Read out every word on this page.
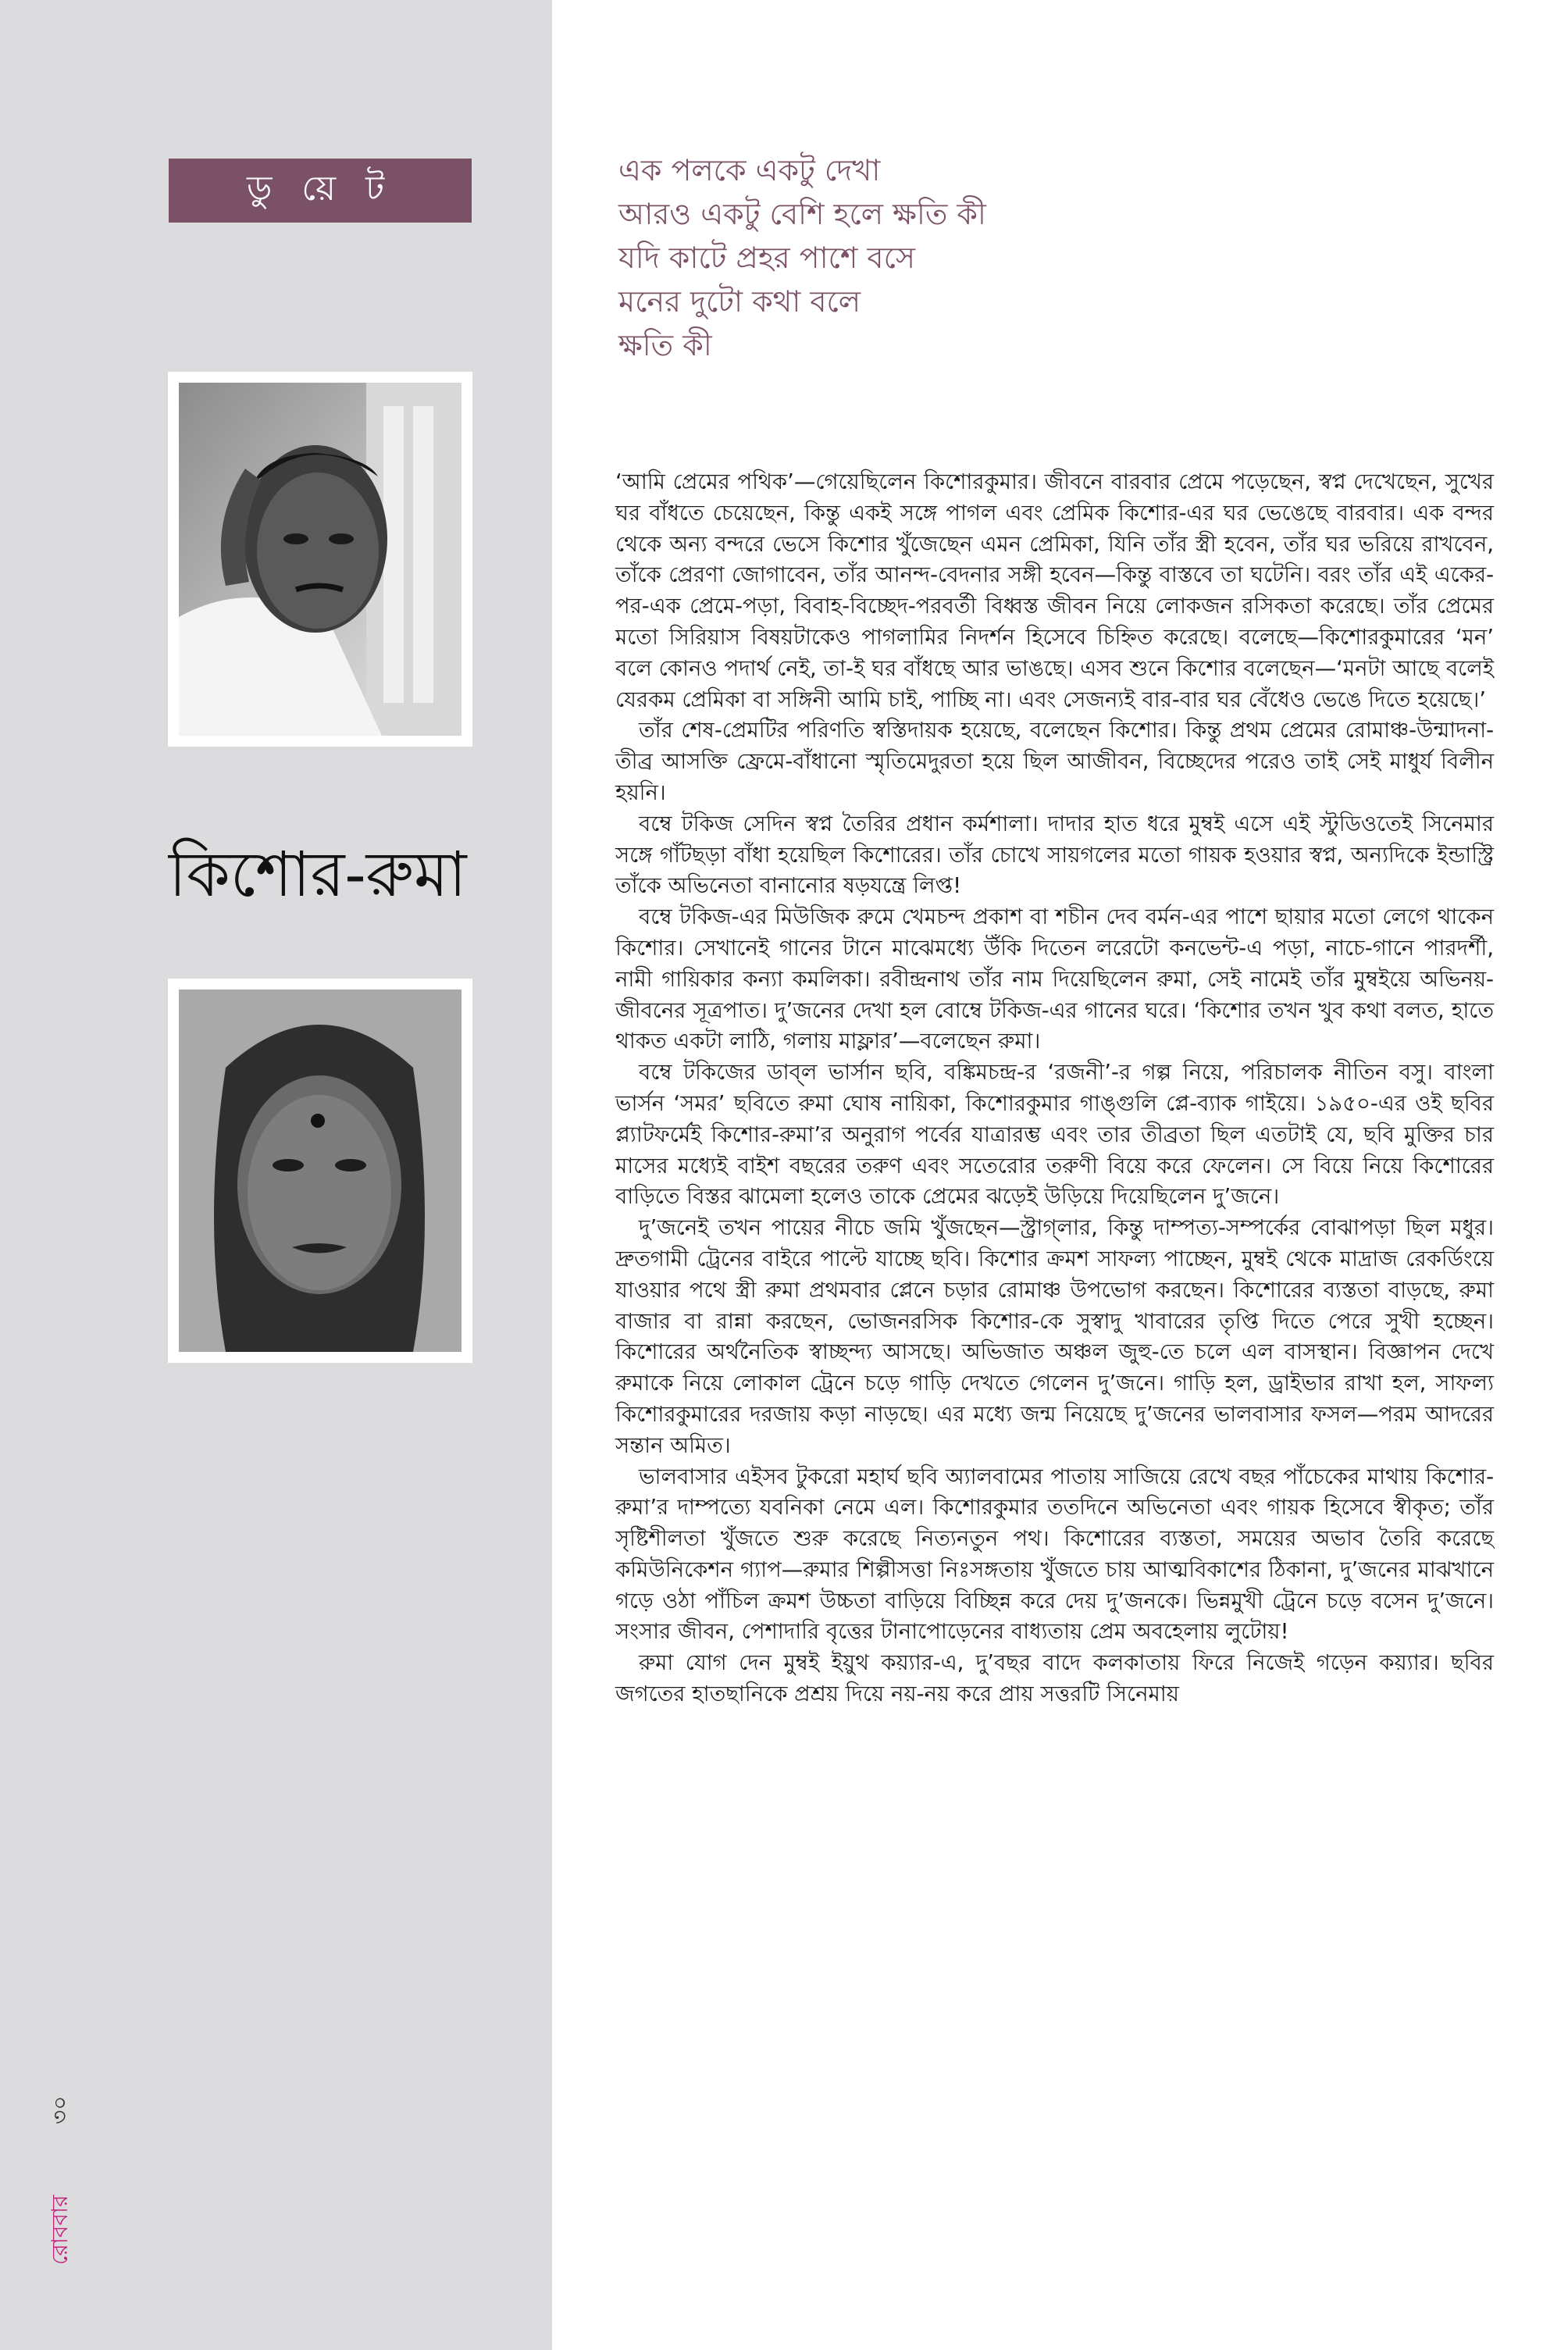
ডু য়ে ট
কিশোর-রুমা
রোববার
৩০
এক পলকে একটু দেখা
আরও একটু বেশি হলে ক্ষতি কী
যদি কাটে প্রহর পাশে বসে
মনের দুটো কথা বলে
ক্ষতি কী

‘আমি প্রেমের পথিক’—গেয়েছিলেন কিশোরকুমার। জীবনে বারবার প্রেমে পড়েছেন, স্বপ্ন দেখেছেন, সুখের ঘর বাঁধতে চেয়েছেন, কিন্তু একই সঙ্গে পাগল এবং প্রেমিক কিশোর-এর ঘর ভেঙেছে বারবার। এক বন্দর থেকে অন্য বন্দরে ভেসে কিশোর খুঁজেছেন এমন প্রেমিকা, যিনি তাঁর স্ত্রী হবেন, তাঁর ঘর ভরিয়ে রাখবেন, তাঁকে প্রেরণা জোগাবেন, তাঁর আনন্দ-বেদনার সঙ্গী হবেন—কিন্তু বাস্তবে তা ঘটেনি। বরং তাঁর এই একের-পর-এক প্রেমে-পড়া, বিবাহ-বিচ্ছেদ-পরবর্তী বিধ্বস্ত জীবন নিয়ে লোকজন রসিকতা করেছে। তাঁর প্রেমের মতো সিরিয়াস বিষয়টাকেও পাগলামির নিদর্শন হিসেবে চিহ্নিত করেছে। বলেছে—কিশোরকুমারের ‘মন’ বলে কোনও পদার্থ নেই, তা-ই ঘর বাঁধছে আর ভাঙছে। এসব শুনে কিশোর বলেছেন—‘মনটা আছে বলেই যেরকম প্রেমিকা বা সঙ্গিনী আমি চাই, পাচ্ছি না। এবং সেজন্যই বার-বার ঘর বেঁধেও ভেঙে দিতে হয়েছে।’

তাঁর শেষ-প্রেমটির পরিণতি স্বস্তিদায়ক হয়েছে, বলেছেন কিশোর। কিন্তু প্রথম প্রেমের রোমাঞ্চ-উন্মাদনা-তীব্র আসক্তি ফ্রেমে-বাঁধানো স্মৃতিমেদুরতা হয়ে ছিল আজীবন, বিচ্ছেদের পরেও তাই সেই মাধুর্য বিলীন হয়নি।

বম্বে টকিজ সেদিন স্বপ্ন তৈরির প্রধান কর্মশালা। দাদার হাত ধরে মুম্বই এসে এই স্টুডিওতেই সিনেমার সঙ্গে গাঁটছড়া বাঁধা হয়েছিল কিশোরের। তাঁর চোখে সায়গলের মতো গায়ক হওয়ার স্বপ্ন, অন্যদিকে ইন্ডাস্ট্রি তাঁকে অভিনেতা বানানোর ষড়যন্ত্রে লিপ্ত!

বম্বে টকিজ-এর মিউজিক রুমে খেমচন্দ প্রকাশ বা শচীন দেব বর্মন-এর পাশে ছায়ার মতো লেগে থাকেন কিশোর। সেখানেই গানের টানে মাঝেমধ্যে উঁকি দিতেন লরেটো কনভেন্ট-এ পড়া, নাচে-গানে পারদর্শী, নামী গায়িকার কন্যা কমলিকা। রবীন্দ্রনাথ তাঁর নাম দিয়েছিলেন রুমা, সেই নামেই তাঁর মুম্বইয়ে অভিনয়-জীবনের সূত্রপাত। দু’জনের দেখা হল বোম্বে টকিজ-এর গানের ঘরে। ‘কিশোর তখন খুব কথা বলত, হাতে থাকত একটা লাঠি, গলায় মাফ্লার’—বলেছেন রুমা।

বম্বে টকিজের ডাব্‌ল ভার্সান ছবি, বঙ্কিমচন্দ্র-র ‘রজনী’-র গল্প নিয়ে, পরিচালক নীতিন বসু। বাংলা ভার্সন ‘সমর’ ছবিতে রুমা ঘোষ নায়িকা, কিশোরকুমার গাঙ্গুলি প্লে-ব্যাক গাইয়ে। ১৯৫০-এর ওই ছবির প্ল্যাটফর্মেই কিশোর-রুমা’র অনুরাগ পর্বের যাত্রারম্ভ এবং তার তীব্রতা ছিল এতটাই যে, ছবি মুক্তির চার মাসের মধ্যেই বাইশ বছরের তরুণ এবং সতেরোর তরুণী বিয়ে করে ফেলেন। সে বিয়ে নিয়ে কিশোরের বাড়িতে বিস্তর ঝামেলা হলেও তাকে প্রেমের ঝড়েই উড়িয়ে দিয়েছিলেন দু’জনে।

দু’জনেই তখন পায়ের নীচে জমি খুঁজছেন—স্ট্রাগ্‌লার, কিন্তু দাম্পত্য-সম্পর্কের বোঝাপড়া ছিল মধুর। দ্রুতগামী ট্রেনের বাইরে পাল্টে যাচ্ছে ছবি। কিশোর ক্রমশ সাফল্য পাচ্ছেন, মুম্বই থেকে মাদ্রাজ রেকর্ডিংয়ে যাওয়ার পথে স্ত্রী রুমা প্রথমবার প্লেনে চড়ার রোমাঞ্চ উপভোগ করছেন। কিশোরের ব্যস্ততা বাড়ছে, রুমা বাজার বা রান্না করছেন, ভোজনরসিক কিশোর-কে সুস্বাদু খাবারের তৃপ্তি দিতে পেরে সুখী হচ্ছেন। কিশোরের অর্থনৈতিক স্বাচ্ছন্দ্য আসছে। অভিজাত অঞ্চল জুহু-তে চলে এল বাসস্থান। বিজ্ঞাপন দেখে রুমাকে নিয়ে লোকাল ট্রেনে চড়ে গাড়ি দেখতে গেলেন দু’জনে। গাড়ি হল, ড্রাইভার রাখা হল, সাফল্য কিশোরকুমারের দরজায় কড়া নাড়ছে। এর মধ্যে জন্ম নিয়েছে দু’জনের ভালবাসার ফসল—পরম আদরের সন্তান অমিত।

ভালবাসার এইসব টুকরো মহার্ঘ ছবি অ্যালবামের পাতায় সাজিয়ে রেখে বছর পাঁচেকের মাথায় কিশোর-রুমা’র দাম্পত্যে যবনিকা নেমে এল। কিশোরকুমার ততদিনে অভিনেতা এবং গায়ক হিসেবে স্বীকৃত; তাঁর সৃষ্টিশীলতা খুঁজতে শুরু করেছে নিত্যনতুন পথ। কিশোরের ব্যস্ততা, সময়ের অভাব তৈরি করেছে কমিউনিকেশন গ্যাপ—রুমার শিল্পীসত্তা নিঃসঙ্গতায় খুঁজতে চায় আত্মবিকাশের ঠিকানা, দু’জনের মাঝখানে গড়ে ওঠা পাঁচিল ক্রমশ উচ্চতা বাড়িয়ে বিচ্ছিন্ন করে দেয় দু’জনকে। ভিন্নমুখী ট্রেনে চড়ে বসেন দু’জনে। সংসার জীবন, পেশাদারি বৃত্তের টানাপোড়েনের বাধ্যতায় প্রেম অবহেলায় লুটোয়!

রুমা যোগ দেন মুম্বই ইয়ুথ কয়্যার-এ, দু’বছর বাদে কলকাতায় ফিরে নিজেই গড়েন কয়্যার। ছবির জগতের হাতছানিকে প্রশ্রয় দিয়ে নয়-নয় করে প্রায় সত্তরটি সিনেমায়
